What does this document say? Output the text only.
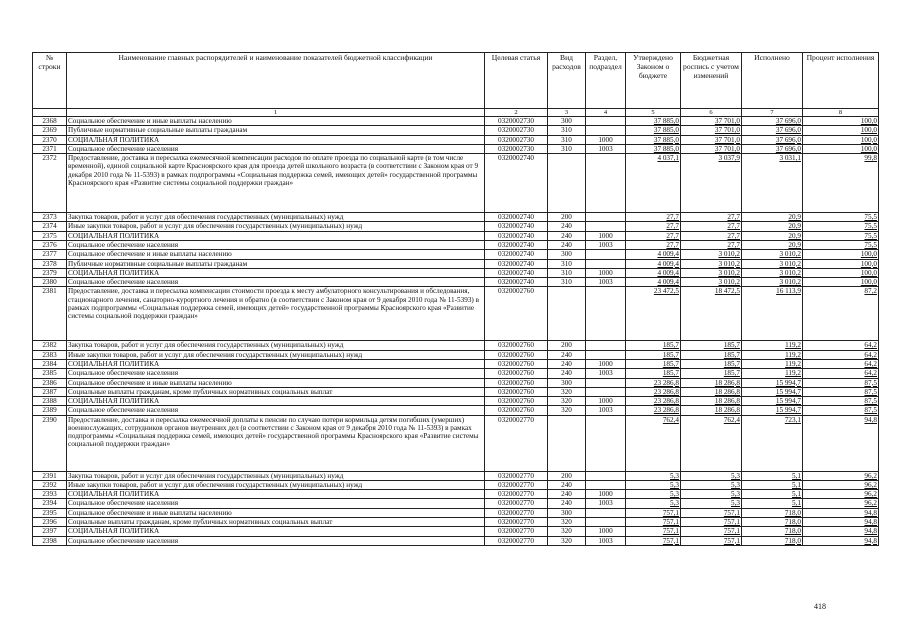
№ строки	Наименование главных распорядителей и наименование показателей бюджетной классификации	Целевая статья	Вид расходов	Раздел, подраздел	Утверждено Законом о бюджете	Бюджетная роспись с учетом изменений	Исполнено	Процент исполнения
	1	2	3	4	5	6	7	8
2368	Социальное обеспечение и иные выплаты населению	0320002730	300		37 885,0	37 701,0	37 696,0	100,0
2369	Публичные нормативные социальные выплаты гражданам	0320002730	310		37 885,0	37 701,0	37 696,0	100,0
2370	СОЦИАЛЬНАЯ ПОЛИТИКА	0320002730	310	1000	37 885,0	37 701,0	37 696,0	100,0
2371	Социальное обеспечение населения	0320002730	310	1003	37 885,0	37 701,0	37 696,0	100,0
2372	Предоставление, доставка и пересылка ежемесячной компенсации расходов по оплате проезда по социальной карте (в том числе временной), единой социальной карте Красноярского края для проезда детей школьного возраста (в соответствии с Законом края от 9 декабря 2010 года № 11-5393) в рамках подпрограммы «Социальная поддержка семей, имеющих детей» государственной программы Красноярского края «Развитие системы социальной поддержки граждан»	0320002740			4 037,1	3 037,9	3 031,1	99,8
2373	Закупка товаров, работ и услуг для обеспечения государственных (муниципальных) нужд	0320002740	200		27,7	27,7	20,9	75,5
2374	Иные закупки товаров, работ и услуг для обеспечения государственных (муниципальных) нужд	0320002740	240		27,7	27,7	20,9	75,5
2375	СОЦИАЛЬНАЯ ПОЛИТИКА	0320002740	240	1000	27,7	27,7	20,9	75,5
2376	Социальное обеспечение населения	0320002740	240	1003	27,7	27,7	20,9	75,5
2377	Социальное обеспечение и иные выплаты населению	0320002740	300		4 009,4	3 010,2	3 010,2	100,0
2378	Публичные нормативные социальные выплаты гражданам	0320002740	310		4 009,4	3 010,2	3 010,2	100,0
2379	СОЦИАЛЬНАЯ ПОЛИТИКА	0320002740	310	1000	4 009,4	3 010,2	3 010,2	100,0
2380	Социальное обеспечение населения	0320002740	310	1003	4 009,4	3 010,2	3 010,2	100,0
2381	Предоставление, доставка и пересылка компенсации стоимости проезда к месту амбулаторного консультирования и обследования, стационарного лечения, санаторно-курортного лечения и обратно (в соответствии с Законом края от 9 декабря 2010 года № 11-5393) в рамках подпрограммы «Социальная поддержка семей, имеющих детей» государственной программы Красноярского края «Развитие системы социальной поддержки граждан»	0320002760			23 472,5	18 472,5	16 113,9	87,2
2382	Закупка товаров, работ и услуг для обеспечения государственных (муниципальных) нужд	0320002760	200		185,7	185,7	119,2	64,2
2383	Иные закупки товаров, работ и услуг для обеспечения государственных (муниципальных) нужд	0320002760	240		185,7	185,7	119,2	64,2
2384	СОЦИАЛЬНАЯ ПОЛИТИКА	0320002760	240	1000	185,7	185,7	119,2	64,2
2385	Социальное обеспечение населения	0320002760	240	1003	185,7	185,7	119,2	64,2
2386	Социальное обеспечение и иные выплаты населению	0320002760	300		23 286,8	18 286,8	15 994,7	87,5
2387	Социальные выплаты гражданам, кроме публичных нормативных социальных выплат	0320002760	320		23 286,8	18 286,8	15 994,7	87,5
2388	СОЦИАЛЬНАЯ ПОЛИТИКА	0320002760	320	1000	23 286,8	18 286,8	15 994,7	87,5
2389	Социальное обеспечение населения	0320002760	320	1003	23 286,8	18 286,8	15 994,7	87,5
2390	Предоставление, доставка и пересылка ежемесячной доплаты к пенсии по случаю потери кормильца детям погибших (умерших) военнослужащих, сотрудников органов внутренних дел (в соответствии с Законом края от 9 декабря 2010 года № 11-5393) в рамках подпрограммы «Социальная поддержка семей, имеющих детей» государственной программы Красноярского края «Развитие системы социальной поддержки граждан»	0320002770			762,4	762,4	723,1	94,8
2391	Закупка товаров, работ и услуг для обеспечения государственных (муниципальных) нужд	0320002770	200		5,3	5,3	5,1	96,2
2392	Иные закупки товаров, работ и услуг для обеспечения государственных (муниципальных) нужд	0320002770	240		5,3	5,3	5,1	96,2
2393	СОЦИАЛЬНАЯ ПОЛИТИКА	0320002770	240	1000	5,3	5,3	5,1	96,2
2394	Социальное обеспечение населения	0320002770	240	1003	5,3	5,3	5,1	96,2
2395	Социальное обеспечение и иные выплаты населению	0320002770	300		757,1	757,1	718,0	94,8
2396	Социальные выплаты гражданам, кроме публичных нормативных социальных выплат	0320002770	320		757,1	757,1	718,0	94,8
2397	СОЦИАЛЬНАЯ ПОЛИТИКА	0320002770	320	1000	757,1	757,1	718,0	94,8
2398	Социальное обеспечение населения	0320002770	320	1003	757,1	757,1	718,0	94,8
418
